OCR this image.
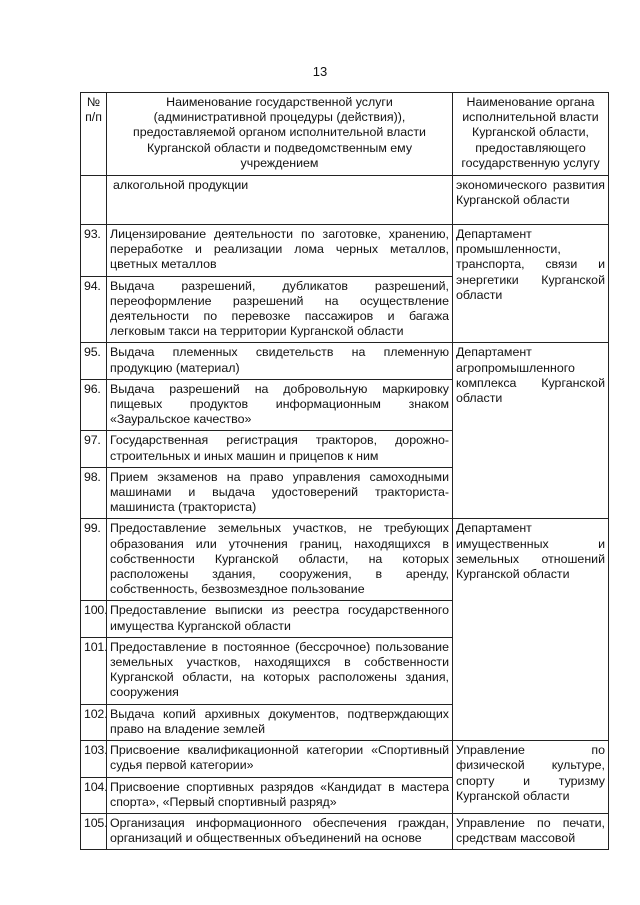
13
№ п/п	Наименование государственной услуги (административной процедуры (действия)), предоставляемой органом исполнительной власти Курганской области и подведомственным ему учреждением	Наименование органа исполнительной власти Курганской области, предоставляющего государственную услугу
	алкогольной продукции	экономического развития Курганской области
93.	Лицензирование деятельности по заготовке, хранению, переработке и реализации лома черных металлов, цветных металлов	Департамент промышленности, транспорта, связи и энергетики Курганской области
94.	Выдача разрешений, дубликатов разрешений, переоформление разрешений на осуществление деятельности по перевозке пассажиров и багажа легковым такси на территории Курганской области	
95.	Выдача племенных свидетельств на племенную продукцию (материал)	Департамент агропромышленного комплекса Курганской области
96.	Выдача разрешений на добровольную маркировку пищевых продуктов информационным знаком «Зауральское качество»	
97.	Государственная регистрация тракторов, дорожно-строительных и иных машин и прицепов к ним	
98.	Прием экзаменов на право управления самоходными машинами и выдача удостоверений тракториста-машиниста (тракториста)	
99.	Предоставление земельных участков, не требующих образования или уточнения границ, находящихся в собственности Курганской области, на которых расположены здания, сооружения, в аренду, собственность, безвозмездное пользование	Департамент имущественных и земельных отношений Курганской области
100.	Предоставление выписки из реестра государственного имущества Курганской области	
101.	Предоставление в постоянное (бессрочное) пользование земельных участков, находящихся в собственности Курганской области, на которых расположены здания, сооружения	
102.	Выдача копий архивных документов, подтверждающих право на владение землей	
103.	Присвоение квалификационной категории «Спортивный судья первой категории»	Управление по физической культуре, спорту и туризму Курганской области
104.	Присвоение спортивных разрядов «Кандидат в мастера спорта», «Первый спортивный разряд»	
105.	Организация информационного обеспечения граждан, организаций и общественных объединений на основе	Управление по печати, средствам массовой
